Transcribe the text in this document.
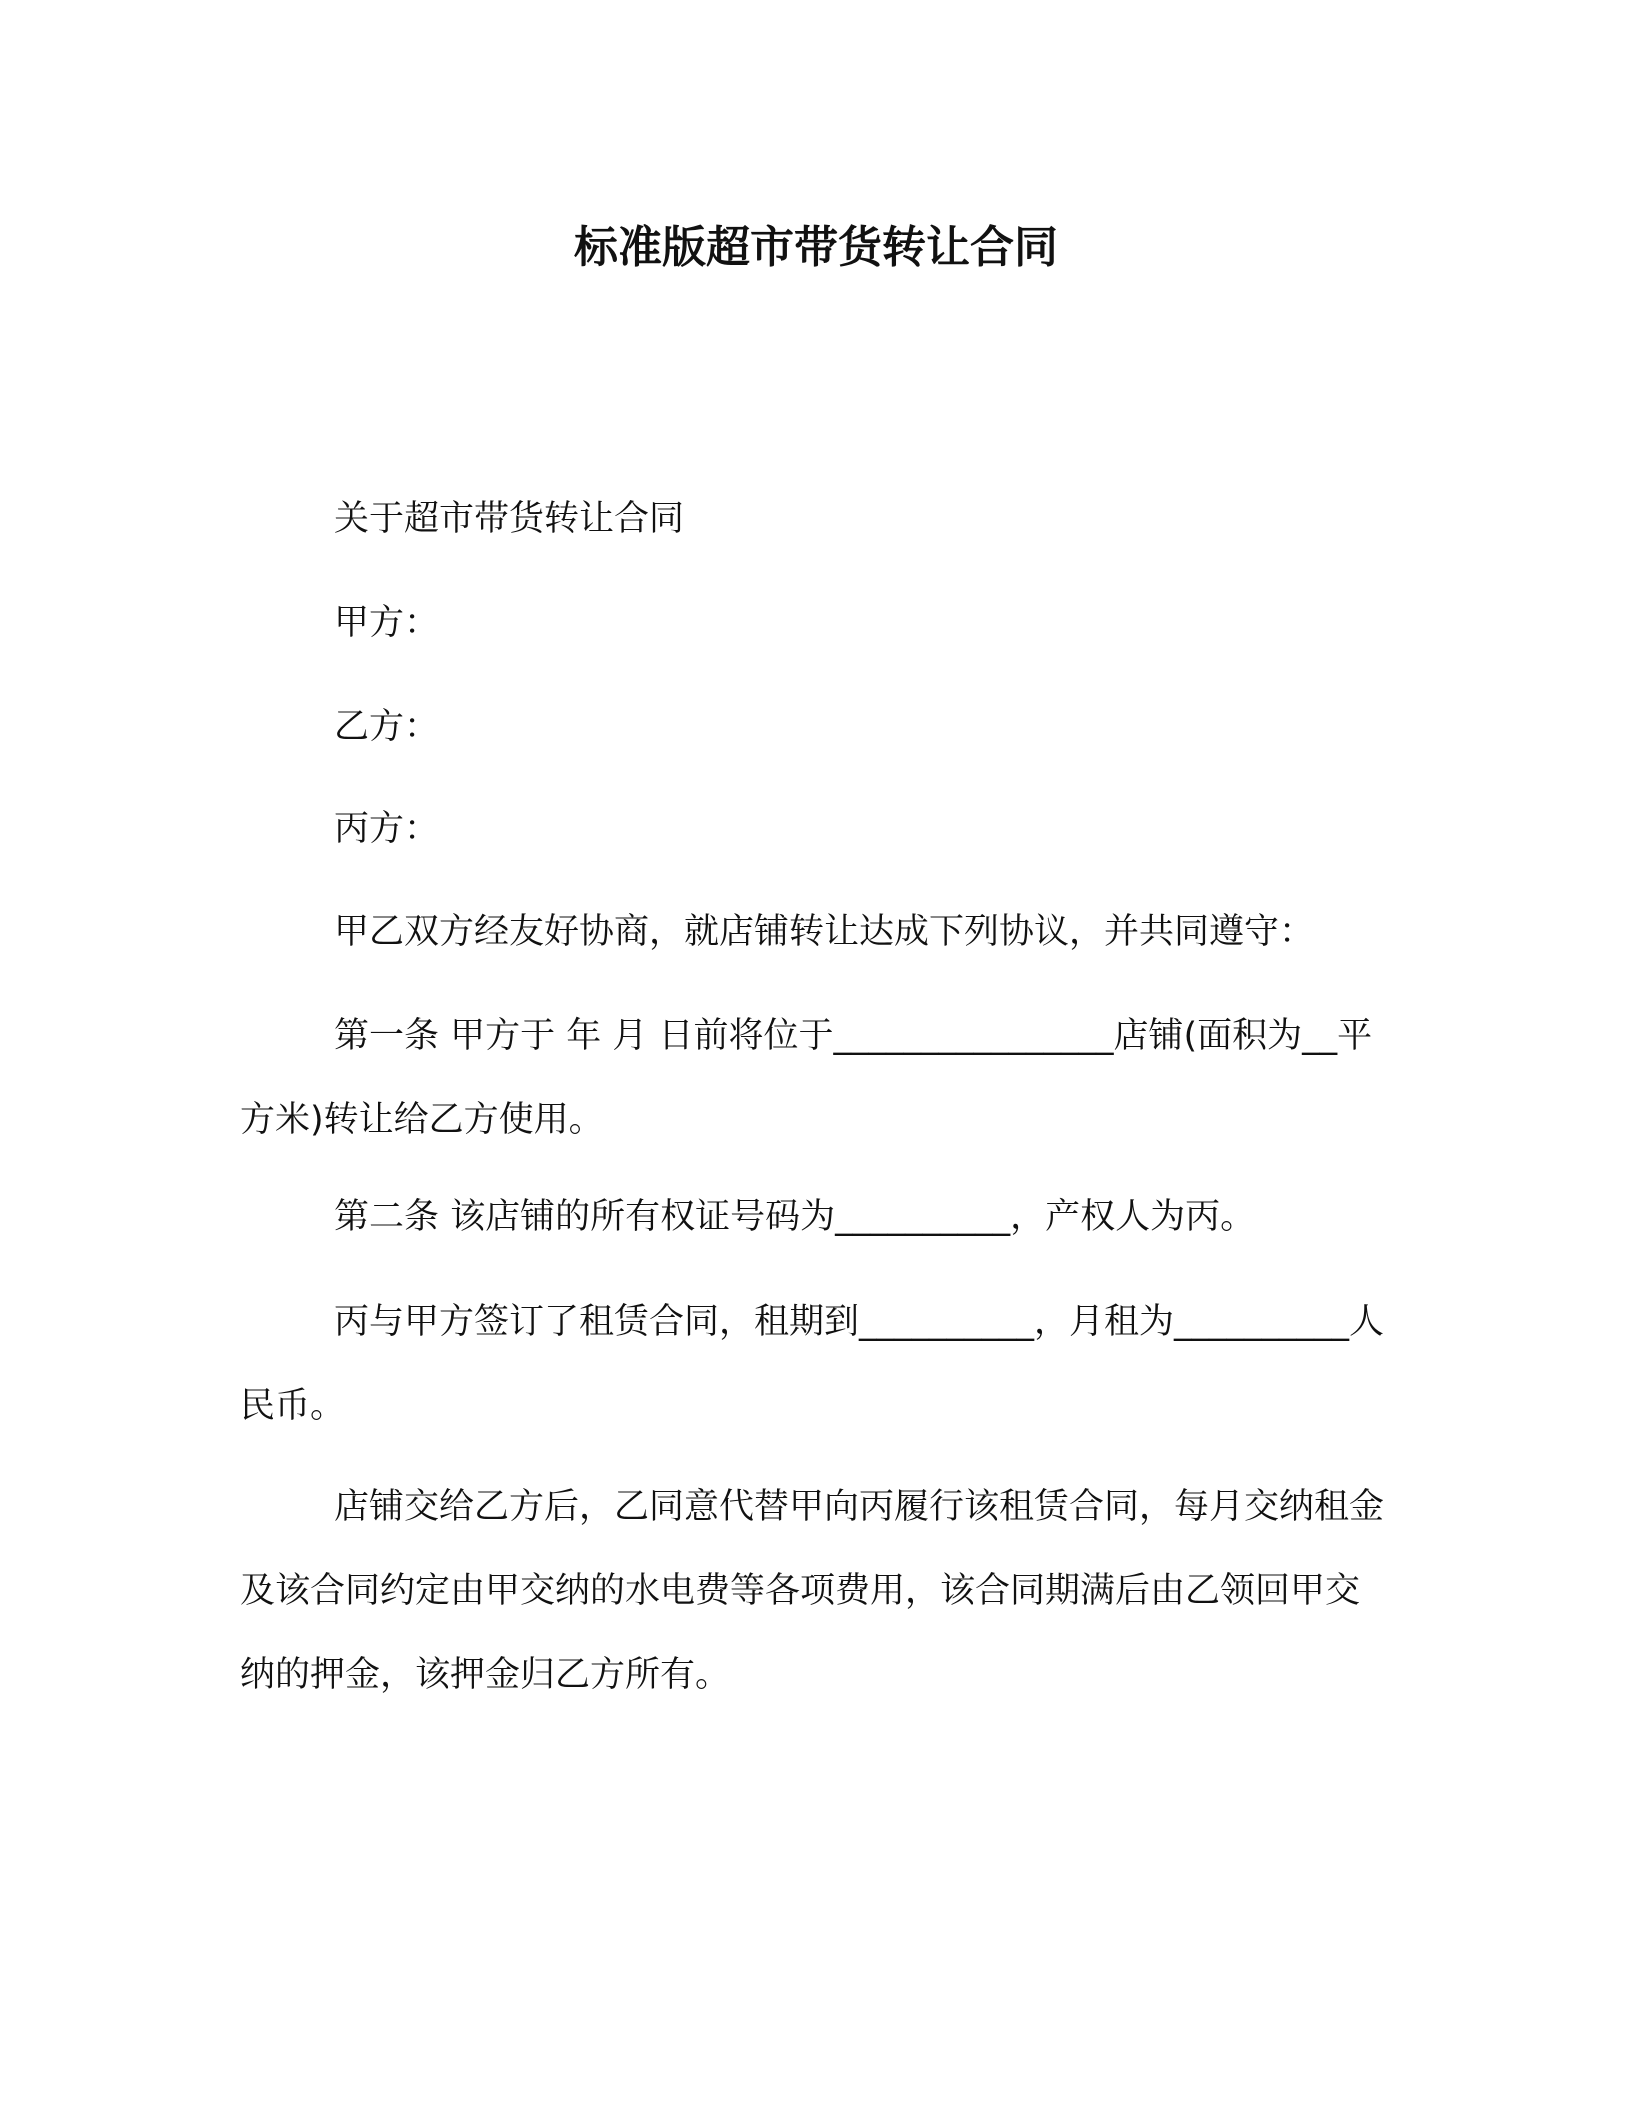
标准版超市带货转让合同

关于超市带货转让合同

甲方：

乙方：

丙方：

甲乙双方经友好协商，就店铺转让达成下列协议，并共同遵守：

第一条 甲方于 年 月 日前将位于________________店铺(面积为__平方米)转让给乙方使用。

第二条 该店铺的所有权证号码为__________，产权人为丙。

丙与甲方签订了租赁合同，租期到__________，月租为__________人民币。

店铺交给乙方后，乙同意代替甲向丙履行该租赁合同，每月交纳租金及该合同约定由甲交纳的水电费等各项费用，该合同期满后由乙领回甲交纳的押金，该押金归乙方所有。
